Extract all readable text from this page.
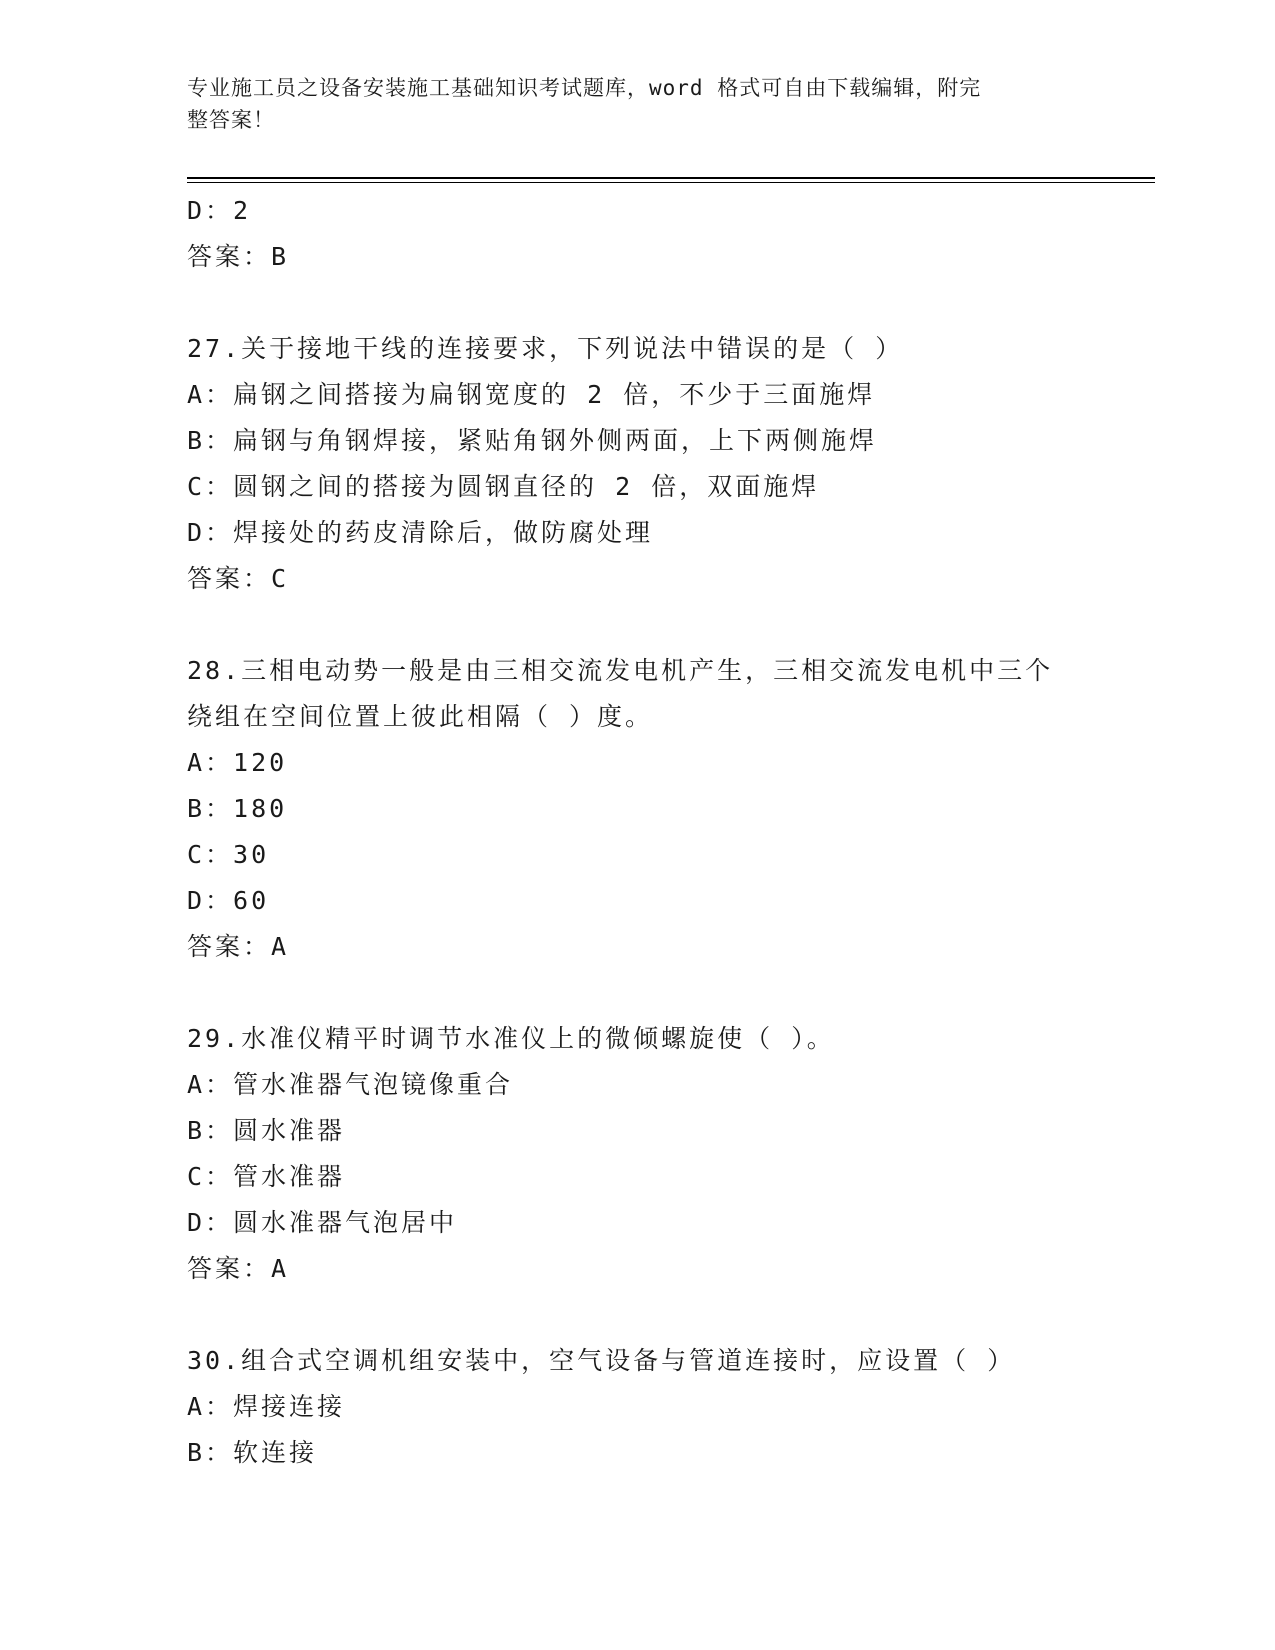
专业施工员之设备安装施工基础知识考试题库，word 格式可自由下载编辑，附完
整答案！
D：2
答案：B
27.关于接地干线的连接要求，下列说法中错误的是（ ）
A：扁钢之间搭接为扁钢宽度的 2 倍，不少于三面施焊
B：扁钢与角钢焊接，紧贴角钢外侧两面，上下两侧施焊
C：圆钢之间的搭接为圆钢直径的 2 倍，双面施焊
D：焊接处的药皮清除后，做防腐处理
答案：C
28.三相电动势一般是由三相交流发电机产生，三相交流发电机中三个
绕组在空间位置上彼此相隔（ ）度。
A：120
B：180
C：30
D：60
答案：A
29.水准仪精平时调节水准仪上的微倾螺旋使（ ）。
A：管水准器气泡镜像重合
B：圆水准器
C：管水准器
D：圆水准器气泡居中
答案：A
30.组合式空调机组安装中，空气设备与管道连接时，应设置（ ）
A：焊接连接
B：软连接
